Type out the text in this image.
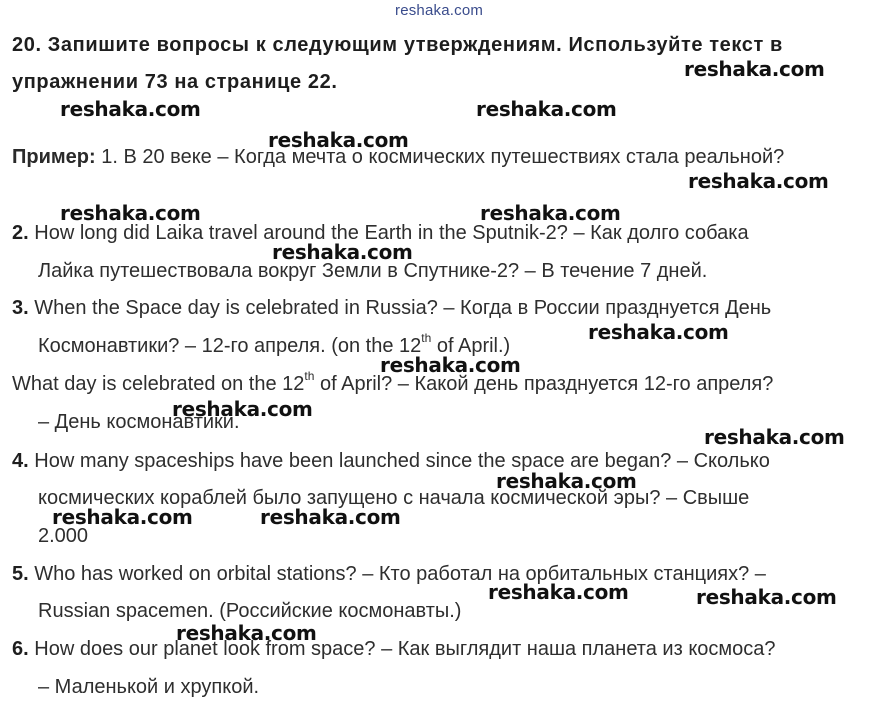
reshaka.com
20. Запишите вопросы к следующим утверждениям. Используйте текст в
упражнении 73 на странице 22.
Пример: 1. В 20 веке – Когда мечта о космических путешествиях стала реальной?
2. How long did Laika travel around the Earth in the Sputnik-2? – Как долго собака
Лайка путешествовала вокруг Земли в Спутнике-2? – В течение 7 дней.
3. When the Space day is celebrated in Russia? – Когда в России празднуется День
Космонавтики? – 12-го апреля. (on the 12th of April.)
What day is celebrated on the 12th of April? – Какой день празднуется 12-го апреля?
– День космонавтики.
4. How many spaceships have been launched since the space are began? – Сколько
космических кораблей было запущено с начала космической эры? – Свыше
2.000
5. Who has worked on orbital stations? – Кто работал на орбитальных станциях? –
Russian spacemen. (Российские космонавты.)
6. How does our planet look from space? – Как выглядит наша планета из космоса?
– Маленькой и хрупкой.
reshaka.com
reshaka.com	reshaka.com
reshaka.com
reshaka.com
reshaka.com	reshaka.com
reshaka.com
reshaka.com
reshaka.com
reshaka.com
reshaka.com
reshaka.com
reshaka.com	reshaka.com
reshaka.com	reshaka.com
reshaka.com
